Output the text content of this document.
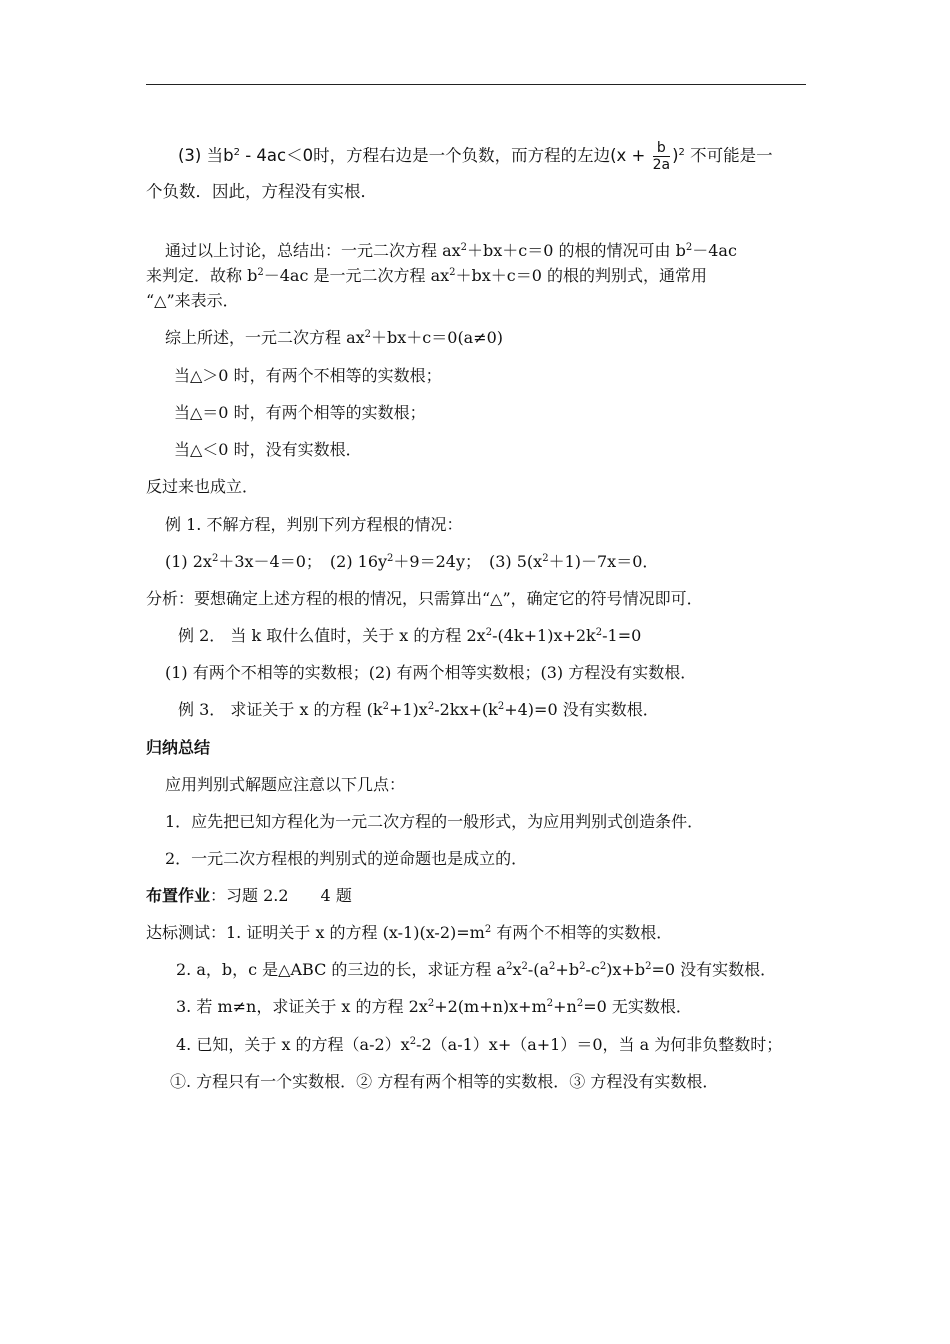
(3) 当$b^2 - 4ac<0$时，方程右边是一个负数，而方程的左边$(x + \frac{b}{2a} )^2$ 不可能是一
个负数．因此，方程没有实根．
通过以上讨论，总结出：一元二次方程 $ax^2+bx+c=0$ 的根的情况可由 $b^2-4ac$
来判定．故称 $b^2-4ac$ 是一元二次方程 $ax^2+bx+c=0$ 的根的判别式，通常用
“△”来表示．
综上所述，一元二次方程 $ax^2+bx+c=0(a\ne 0)$
当△＞0 时，有两个不相等的实数根；
当△＝0 时，有两个相等的实数根；
当△＜0 时，没有实数根．
反过来也成立．
例 1. 不解方程，判别下列方程根的情况：
(1) $2x^2+3x-4=0$；　(2) $16y^2+9=24y$；　(3) $5(x^2+1)-7x=0$．
分析：要想确定上述方程的根的情况，只需算出“△”，确定它的符号情况即可．
例 2． 当 k 取什么值时，关于 x 的方程 $2x^2-(4k+1)x+2k^2-1=0$
(1) 有两个不相等的实数根；(2) 有两个相等实数根；(3) 方程没有实数根．
例 3． 求证关于 x 的方程 $(k^2+1)x^2-2kx+(k^2+4)=0$ 没有实数根．
归纳总结
应用判别式解题应注意以下几点：
1．应先把已知方程化为一元二次方程的一般形式，为应用判别式创造条件．
2．一元二次方程根的判别式的逆命题也是成立的．
布置作业：习题 2.2　　4 题
达标测试：1. 证明关于 x 的方程 $(x-1)(x-2)=m^2$ 有两个不相等的实数根．
2. a，b，c 是△ABC 的三边的长，求证方程 $a^2x^2-(a^2+b^2-c^2)x+b^2=0$ 没有实数根．
3. 若 m≠n，求证关于 x 的方程 $2x^2+2(m+n)x+m^2+n^2=0$ 无实数根．
4. 已知，关于 x 的方程$(a-2)x^2-2(a-1)x+(a+1)=0$，当 a 为何非负整数时；
①. 方程只有一个实数根．② 方程有两个相等的实数根．③ 方程没有实数根．
